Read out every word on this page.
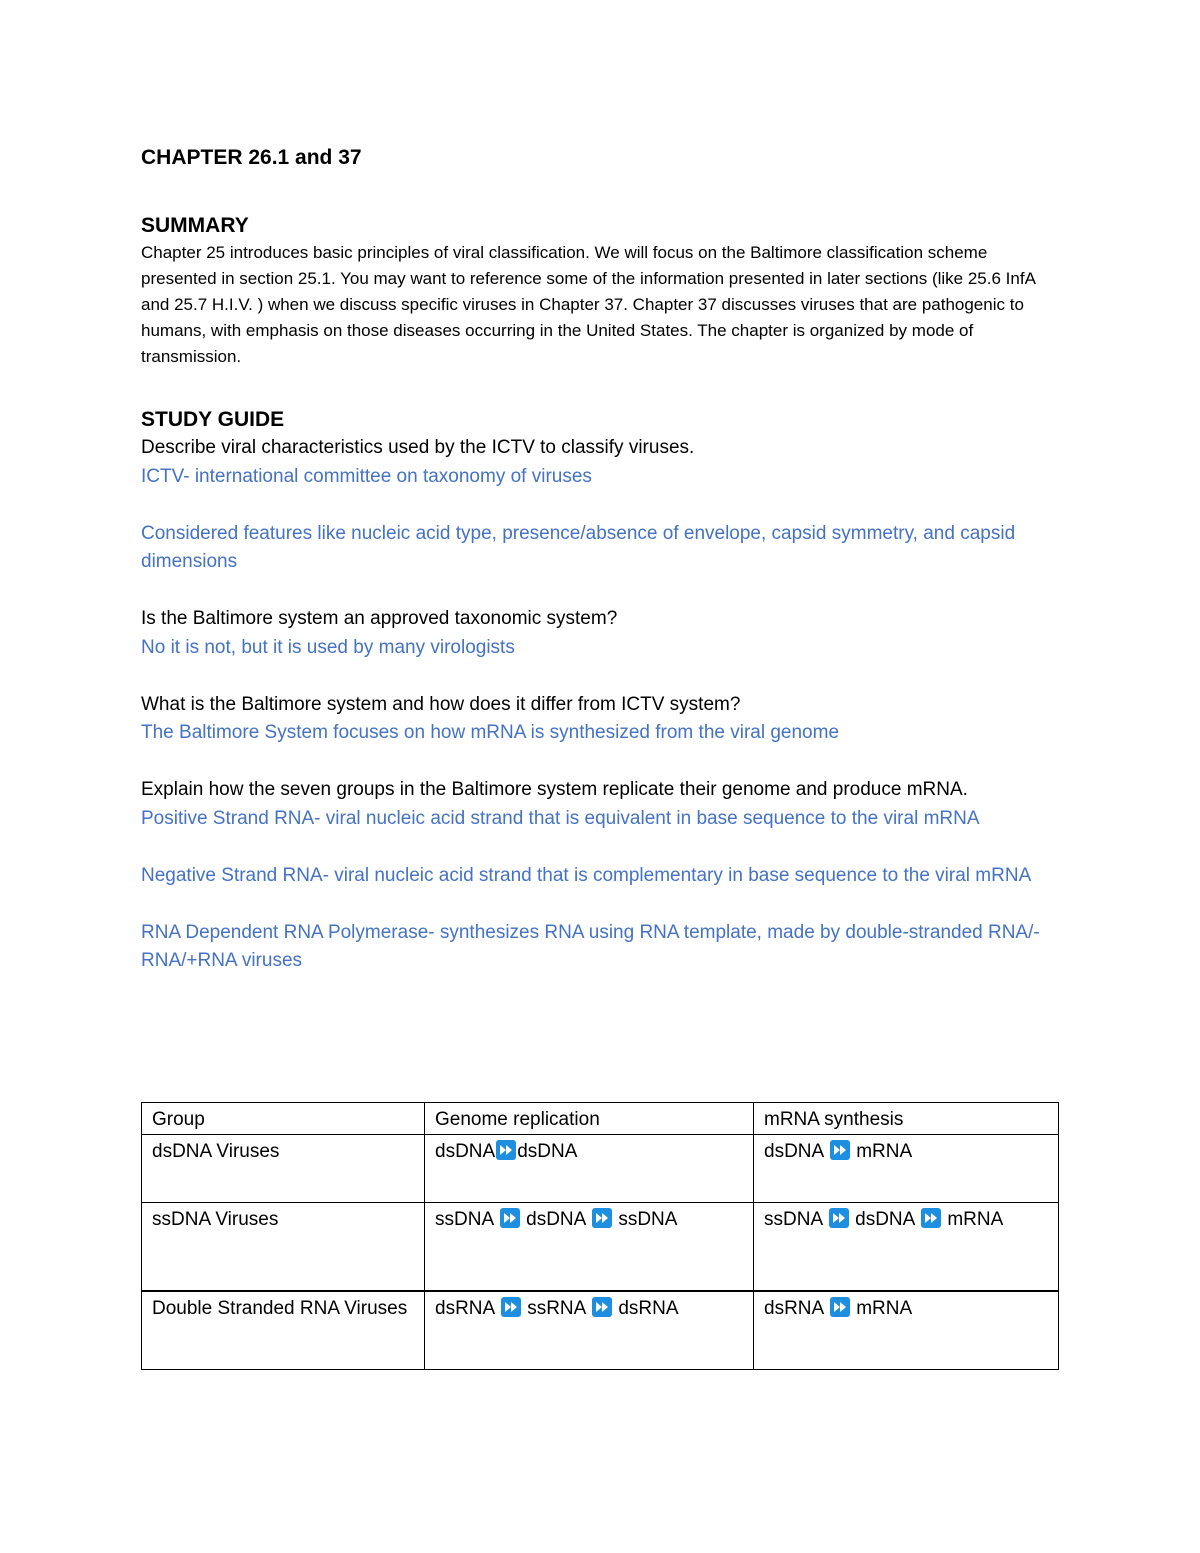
CHAPTER 26.1 and 37

SUMMARY

Chapter 25 introduces basic principles of viral classification. We will focus on the Baltimore classification scheme presented in section 25.1. You may want to reference some of the information presented in later sections (like 25.6 InfA and 25.7 H.I.V. ) when we discuss specific viruses in Chapter 37. Chapter 37 discusses viruses that are pathogenic to humans, with emphasis on those diseases occurring in the United States. The chapter is organized by mode of transmission.

STUDY GUIDE

Describe viral characteristics used by the ICTV to classify viruses.

ICTV- international committee on taxonomy of viruses

Considered features like nucleic acid type, presence/absence of envelope, capsid symmetry, and capsid dimensions

Is the Baltimore system an approved taxonomic system?

No it is not, but it is used by many virologists

What is the Baltimore system and how does it differ from ICTV system?

The Baltimore System focuses on how mRNA is synthesized from the viral genome

Explain how the seven groups in the Baltimore system replicate their genome and produce mRNA.

Positive Strand RNA- viral nucleic acid strand that is equivalent in base sequence to the viral mRNA

Negative Strand RNA- viral nucleic acid strand that is complementary in base sequence to the viral mRNA

RNA Dependent RNA Polymerase- synthesizes RNA using RNA template, made by double-stranded RNA/-RNA/+RNA viruses

Group	Genome replication	mRNA synthesis
dsDNA Viruses	dsDNA dsDNA	dsDNA mRNA
ssDNA Viruses	ssDNA dsDNA ssDNA	ssDNA dsDNA mRNA
Double Stranded RNA Viruses	dsRNA ssRNA dsRNA	dsRNA mRNA
